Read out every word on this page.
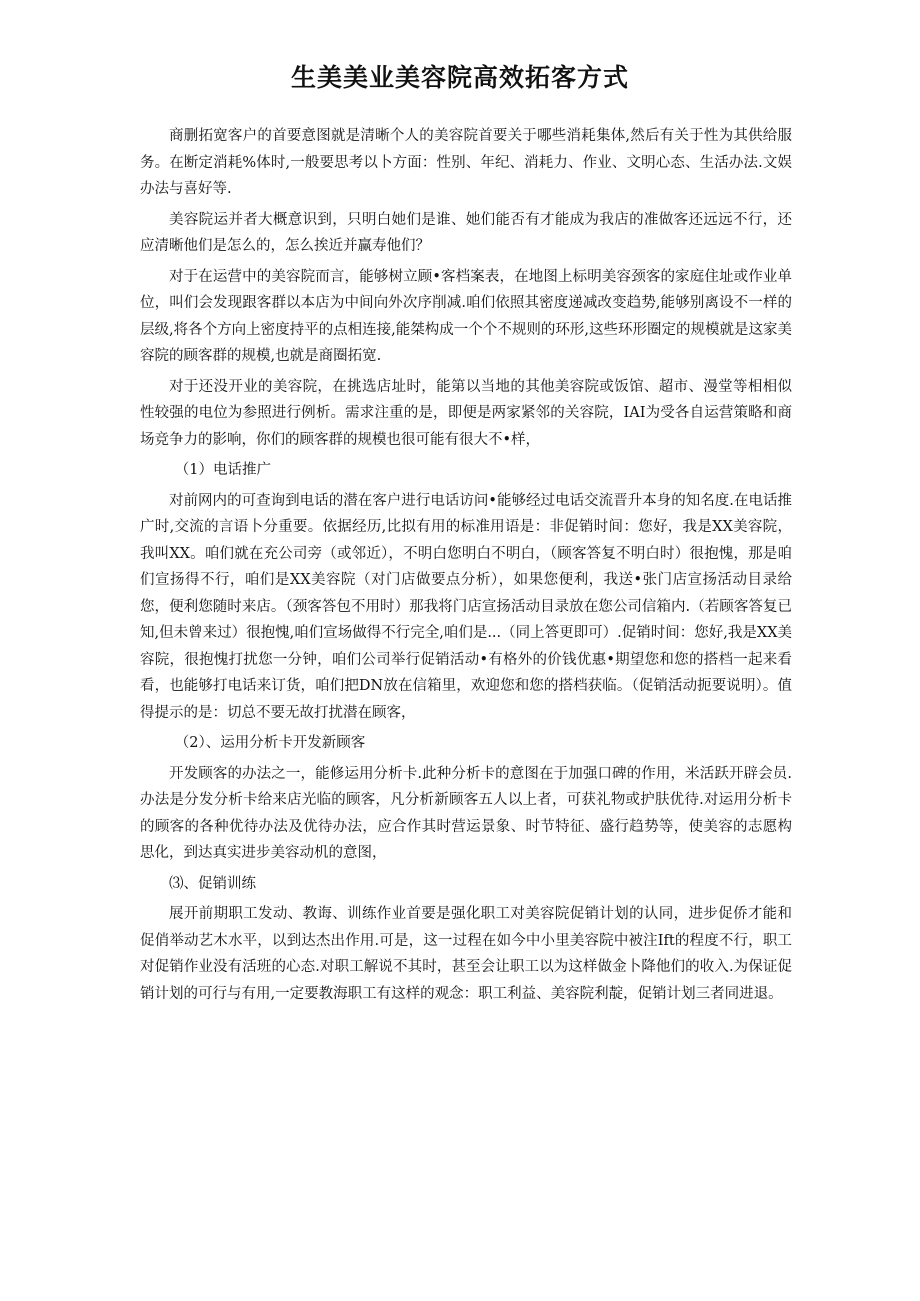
生美美业美容院高效拓客方式

商删拓宽客户的首要意图就是清晰个人的美容院首要关于哪些消耗集体,然后有关于性为其供给服务。在断定消耗%体时,一般要思考以卜方面：性别、年纪、消耗力、作业、文明心态、生活办法.文娱办法与喜好等.

美容院运并者大概意识到，只明白她们是谁、她们能否有才能成为我店的准做客还远远不行，还应清晰他们是怎么的，怎么挨近并赢寿他们？

对于在运营中的美容院而言，能够树立顾•客档案表，在地图上标明美容颈客的家庭住址或作业单位，叫们会发现跟客群以本店为中间向外次序削减.咱们依照其密度递减改变趋势,能够别离设不一样的层级,将各个方向上密度持平的点相连接,能桀构成一个个不规则的环形,这些环形圈定的规模就是这家美容院的顾客群的规模,也就是商圈拓宽.

对于还没开业的美容院，在挑选店址时，能第以当地的其他美容院或饭馆、超市、漫堂等相相似性较强的电位为参照进行例析。需求注重的是，即便是两家紧邻的关容院，IAI为受各自运营策略和商场竞争力的影响，你们的顾客群的规模也很可能有很大不•样，

（1）电话推广

对前网内的可查询到电话的潜在客户进行电话访问•能够经过电话交流晋升本身的知名度.在电话推广时,交流的言语卜分重要。依据经历,比拟有用的标准用语是：非促销时间：您好，我是XX美容院，我叫XX。咱们就在充公司旁（或邻近），不明白您明白不明白，（顾客答复不明白时）很抱愧，那是咱们宣扬得不行，咱们是XX美容院（对门店做要点分析），如果您便利，我送•张门店宣扬活动目录给您，便利您随时来店。（颈客答包不用时）那我将门店宣扬活动目录放在您公司信箱内.（若顾客答复已知,但未曾来过）很抱愧,咱们宣场做得不行完全,咱们是...（同上答更即可）.促销时间：您好,我是XX美容院，很抱愧打扰您一分钟，咱们公司举行促销活动•有格外的价钱优惠•期望您和您的搭档一起来看看，也能够打电话来订货，咱们把DN放在信箱里，欢迎您和您的搭档获临。（促销活动扼要说明）。值得提示的是：切总不要无故打扰潜在顾客，

（2）、运用分析卡开发新顾客

开发顾客的办法之一，能修运用分析卡.此种分析卡的意图在于加强口碑的作用，米活跃开辟会员.办法是分发分析卡给来店光临的顾客，凡分析新顾客五人以上者，可获礼物或护肤优待.对运用分析卡的顾客的各种优待办法及优待办法，应合作其时营运景象、时节特征、盛行趋势等，使美容的志愿构思化，到达真实进步美容动机的意图，

⑶、促销训练

展开前期职工发动、教诲、训练作业首要是强化职工对美容院促销计划的认同，进步促侨才能和促俏举动艺木水平，以到达杰出作用.可是，这一过程在如今中小里美容院中被注Ift的程度不行，职工对促销作业没有活班的心态.对职工解说不其时，甚至会让职工以为这样做金卜降他们的收入.为保证促销计划的可行与有用,一定要教海职工有这样的观念：职工利益、美容院利靛，促销计划三者同进退。
